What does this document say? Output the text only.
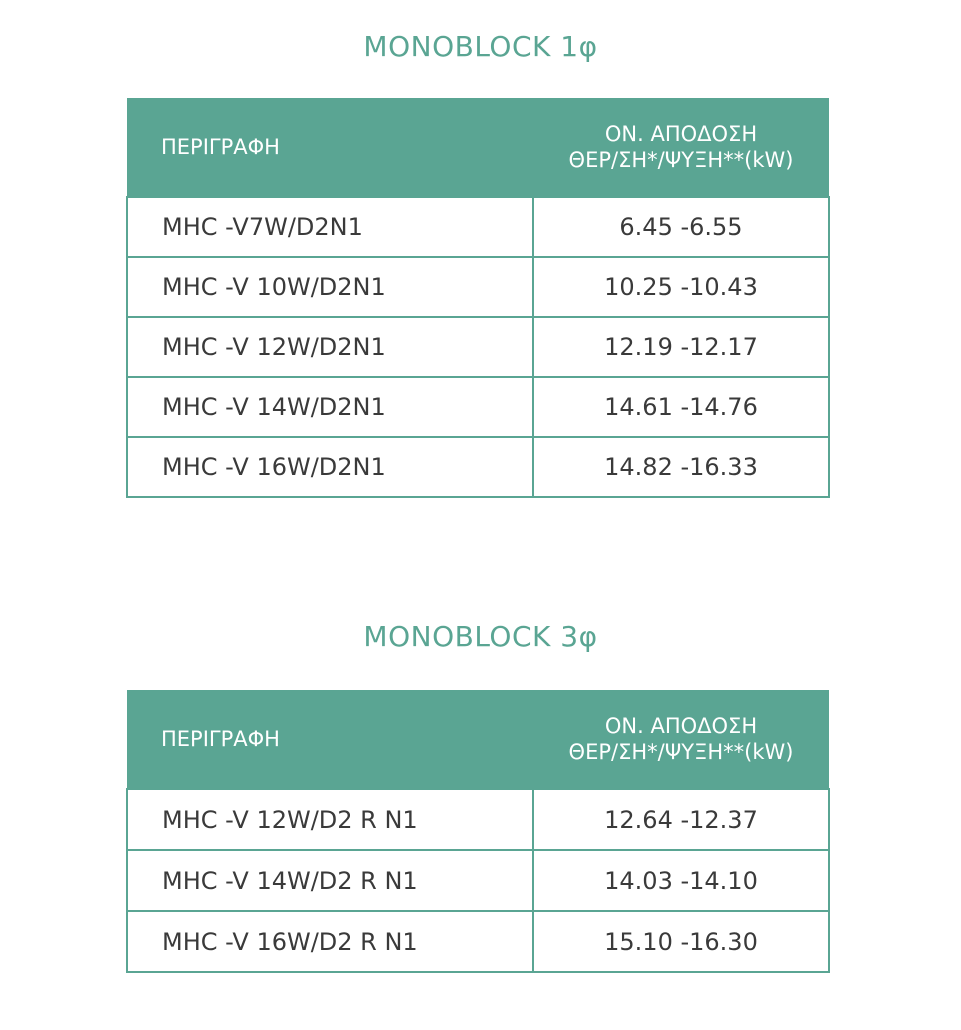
MONOBLOCK 1φ
ΠΕΡΙΓΡΑΦΗ	ΟΝ. ΑΠΟΔΟΣΗ
ΘΕΡ/ΣΗ*/ΨΥΞΗ**(kW)

MHC -V7W/D2N1	6.45 -6.55
MHC -V 10W/D2N1	10.25 -10.43
MHC -V 12W/D2N1	12.19 -12.17
MHC -V 14W/D2N1	14.61 -14.76
MHC -V 16W/D2N1	14.82 -16.33
MONOBLOCK 3φ
ΠΕΡΙΓΡΑΦΗ	ΟΝ. ΑΠΟΔΟΣΗ
ΘΕΡ/ΣΗ*/ΨΥΞΗ**(kW)

MHC -V 12W/D2 R N1	12.64 -12.37
MHC -V 14W/D2 R N1	14.03 -14.10
MHC -V 16W/D2 R N1	15.10 -16.30
